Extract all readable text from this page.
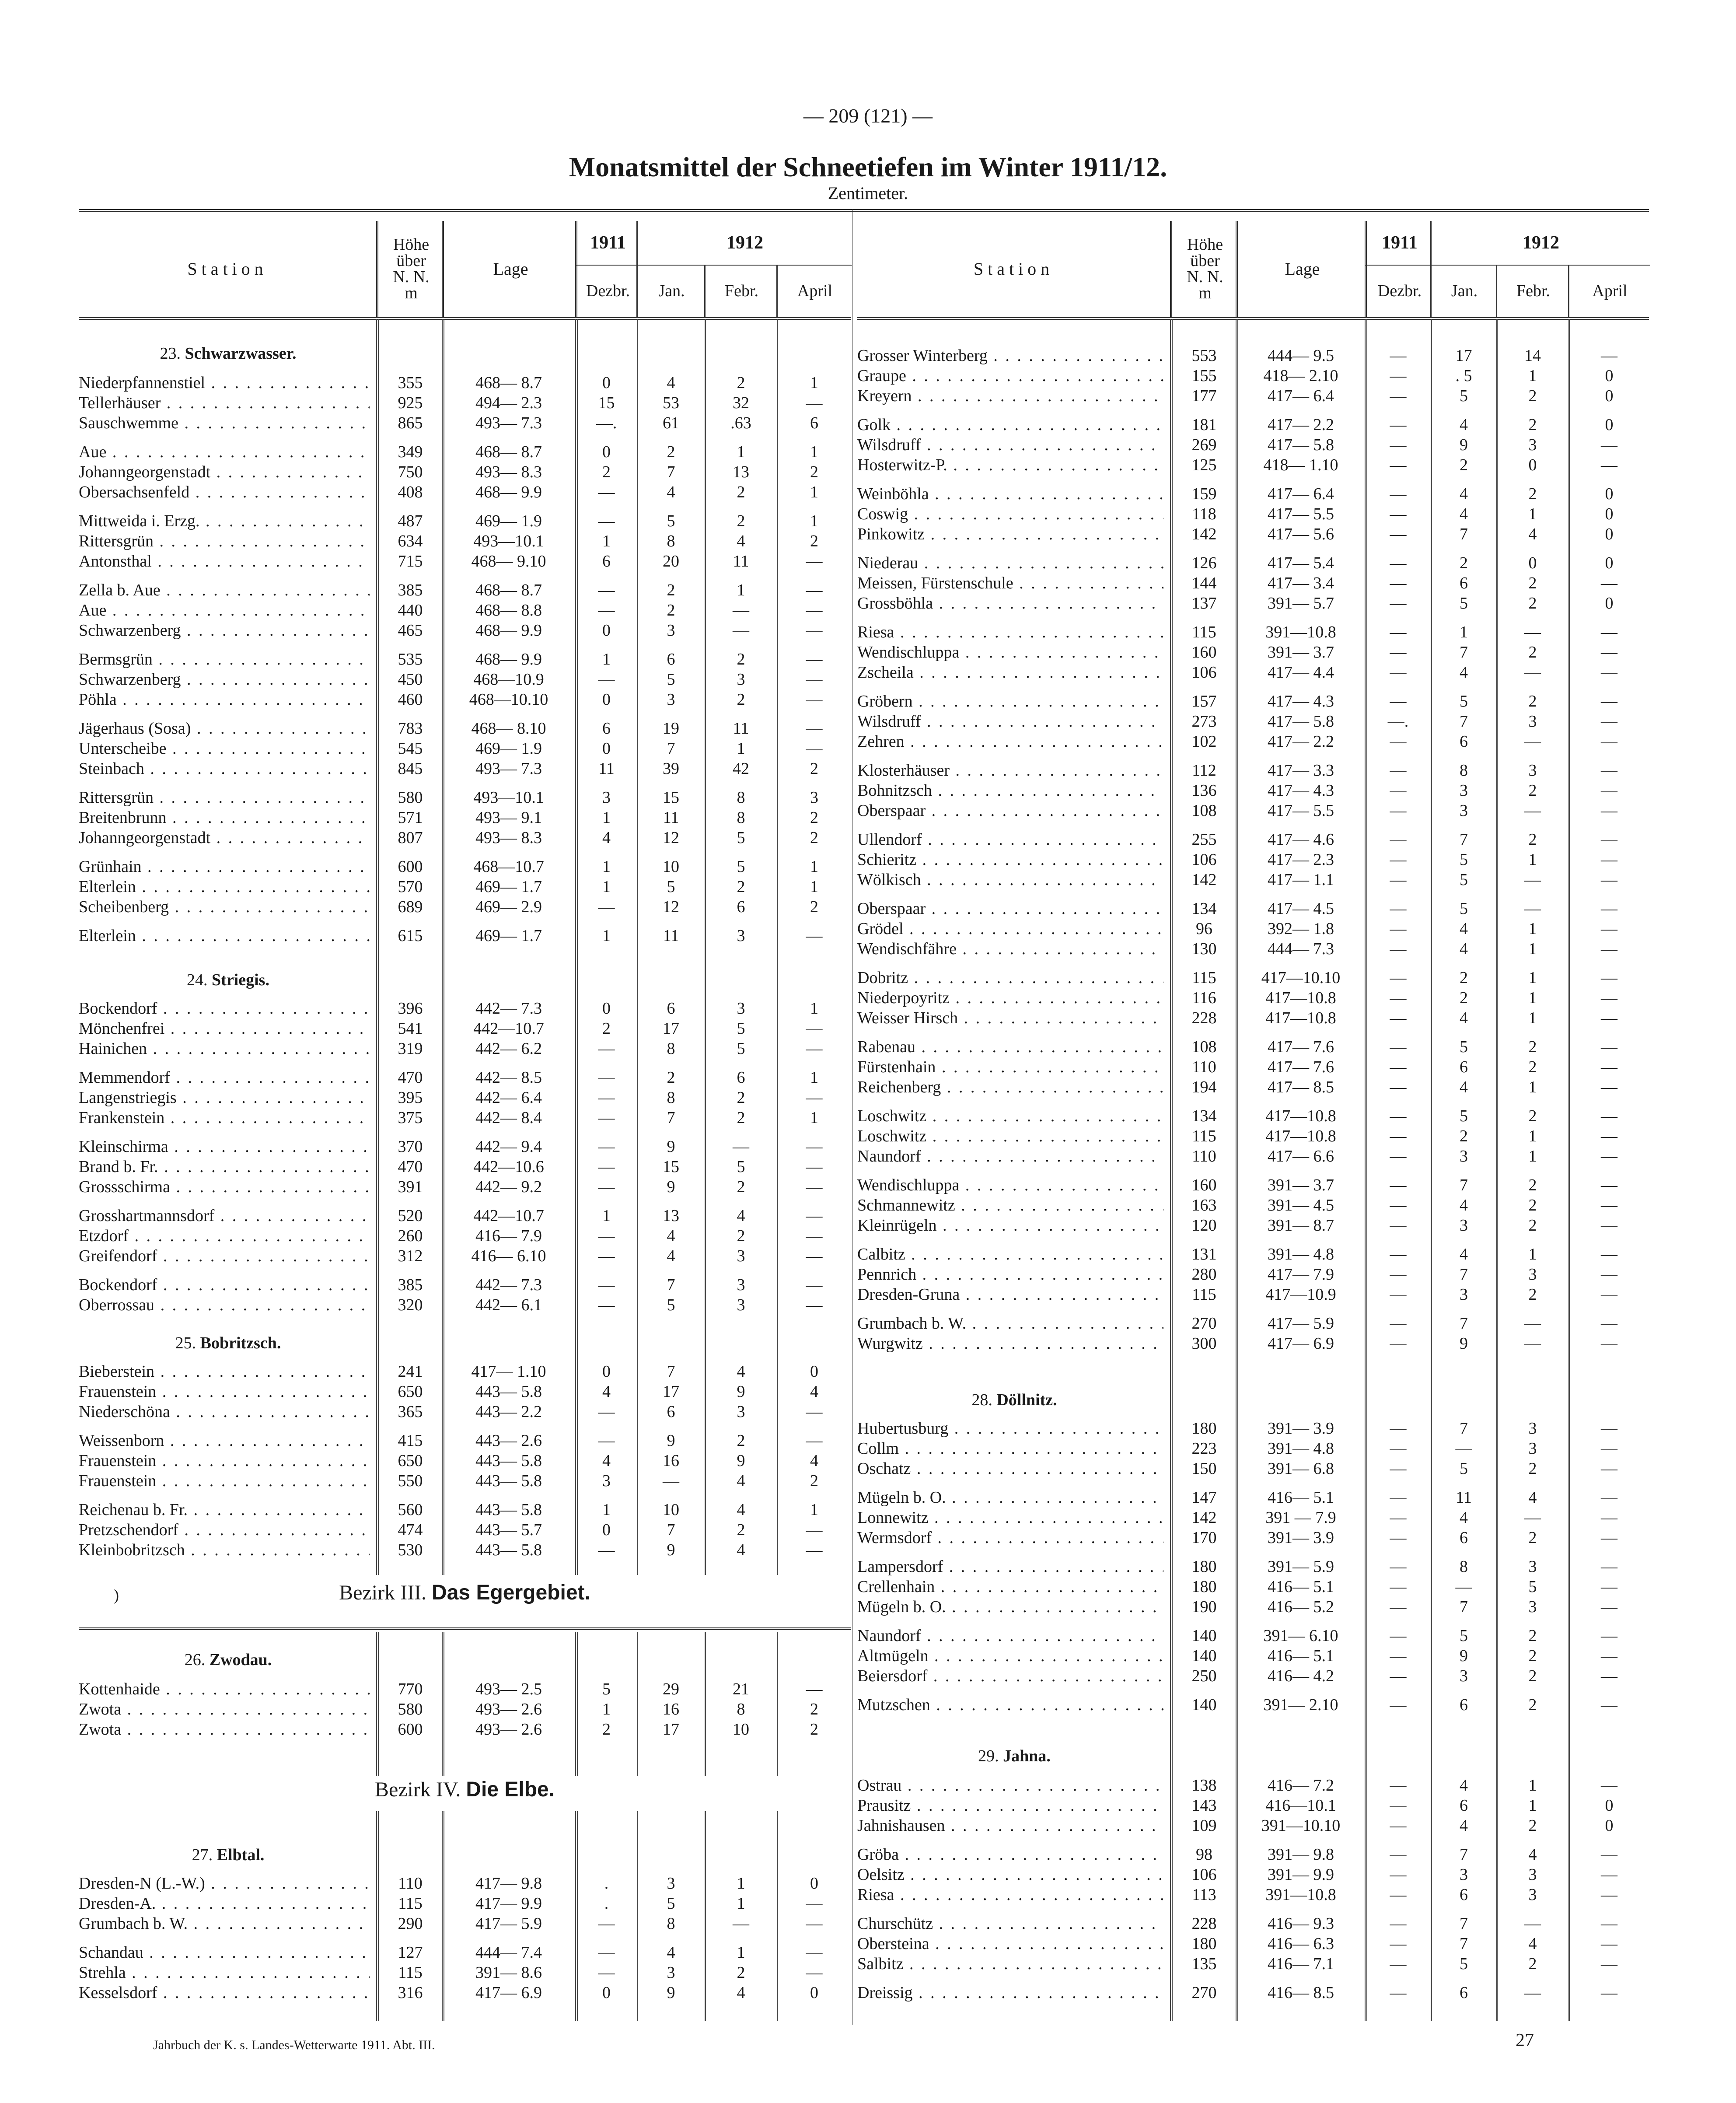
— 209 (121) —
Monatsmittel der Schneetiefen im Winter 1911/12.
Zentimeter.
Station
Höhe
über
N. N.
m
Lage
1911	1912
Dezbr.	Jan.	Febr.	April
Station
Höhe
über
N. N.
m
Lage
1911	1912
Dezbr.	Jan.	Febr.	April
)	Bezirk III. Das Egergebiet.
Bezirk IV. Die Elbe.
23. Schwarzwasser.
Niederpfannenstiel . . .	355	468— 8.7	0	4	2	1
Tellerhäuser . . .	925	494— 2.3	15	53	32	—
Sauschwemme . . .	865	493— 7.3	—.	61	.63	6
Aue . . .	349	468— 8.7	0	2	1	1
Johanngeorgenstadt . . .	750	493— 8.3	2	7	13	2
Obersachsenfeld . . .	408	468— 9.9	—	4	2	1
Mittweida i. Erzg. . . .	487	469— 1.9	—	5	2	1
Rittersgrün . . .	634	493—10.1	1	8	4	2
Antonsthal . . .	715	468— 9.10	6	20	11	—
Zella b. Aue . . .	385	468— 8.7	—	2	1	—
Aue . . .	440	468— 8.8	—	2	—	—
Schwarzenberg . . .	465	468— 9.9	0	3	—	—
Bermsgrün . . .	535	468— 9.9	1	6	2	—
Schwarzenberg . . .	450	468—10.9	—	5	3	—
Pöhla . . .	460	468—10.10	0	3	2	—
Jägerhaus (Sosa) . . .	783	468— 8.10	6	19	11	—
Unterscheibe . . .	545	469— 1.9	0	7	1	—
Steinbach . . .	845	493— 7.3	11	39	42	2
Rittersgrün . . .	580	493—10.1	3	15	8	3
Breitenbrunn . . .	571	493— 9.1	1	11	8	2
Johanngeorgenstadt . . .	807	493— 8.3	4	12	5	2
Grünhain . . .	600	468—10.7	1	10	5	1
Elterlein . . .	570	469— 1.7	1	5	2	1
Scheibenberg . . .	689	469— 2.9	—	12	6	2
Elterlein . . .	615	469— 1.7	1	11	3	—
24. Striegis.
Bockendorf . . .	396	442— 7.3	0	6	3	1
Mönchenfrei . . .	541	442—10.7	2	17	5	—
Hainichen . . .	319	442— 6.2	—	8	5	—
Memmendorf . . .	470	442— 8.5	—	2	6	1
Langenstriegis . . .	395	442— 6.4	—	8	2	—
Frankenstein . . .	375	442— 8.4	—	7	2	1
Kleinschirma . . .	370	442— 9.4	—	9	—	—
Brand b. Fr. . . .	470	442—10.6	—	15	5	—
Grossschirma . . .	391	442— 9.2	—	9	2	—
Grosshartmannsdorf . . .	520	442—10.7	1	13	4	—
Etzdorf . . .	260	416— 7.9	—	4	2	—
Greifendorf . . .	312	416— 6.10	—	4	3	—
Bockendorf . . .	385	442— 7.3	—	7	3	—
Oberrossau . . .	320	442— 6.1	—	5	3	—
25. Bobritzsch.
Bieberstein . . .	241	417— 1.10	0	7	4	0
Frauenstein . . .	650	443— 5.8	4	17	9	4
Niederschöna . . .	365	443— 2.2	—	6	3	—
Weissenborn . . .	415	443— 2.6	—	9	2	—
Frauenstein . . .	650	443— 5.8	4	16	9	4
Frauenstein . . .	550	443— 5.8	3	—	4	2
Reichenau b. Fr. . . .	560	443— 5.8	1	10	4	1
Pretzschendorf . . .	474	443— 5.7	0	7	2	—
Kleinbobritzsch . . .	530	443— 5.8	—	9	4	—
26. Zwodau.
Kottenhaide . . .	770	493— 2.5	5	29	21	—
Zwota . . .	580	493— 2.6	1	16	8	2
Zwota . . .	600	493— 2.6	2	17	10	2
27. Elbtal.
Dresden-N (L.-W.) . . .	110	417— 9.8	.	3	1	0
Dresden-A. . . .	115	417— 9.9	.	5	1	—
Grumbach b. W. . . .	290	417— 5.9	—	8	—	—
Schandau . . .	127	444— 7.4	—	4	1	—
Strehla . . .	115	391— 8.6	—	3	2	—
Kesselsdorf . . .	316	417— 6.9	0	9	4	0
Grosser Winterberg . . .	553	444— 9.5	—	17	14	—
Graupe . . .	155	418— 2.10	—	. 5	1	0
Kreyern . . .	177	417— 6.4	—	5	2	0
Golk . . .	181	417— 2.2	—	4	2	0
Wilsdruff . . .	269	417— 5.8	—	9	3	—
Hosterwitz-P. . . .	125	418— 1.10	—	2	0	—
Weinböhla . . .	159	417— 6.4	—	4	2	0
Coswig . . .	118	417— 5.5	—	4	1	0
Pinkowitz . . .	142	417— 5.6	—	7	4	0
Niederau . . .	126	417— 5.4	—	2	0	0
Meissen, Fürstenschule . . .	144	417— 3.4	—	6	2	—
Grossböhla . . .	137	391— 5.7	—	5	2	0
Riesa . . .	115	391—10.8	—	1	—	—
Wendischluppa . . .	160	391— 3.7	—	7	2	—
Zscheila . . .	106	417— 4.4	—	4	—	—
Gröbern . . .	157	417— 4.3	—	5	2	—
Wilsdruff . . .	273	417— 5.8	—.	7	3	—
Zehren . . .	102	417— 2.2	—	6	—	—
Klosterhäuser . . .	112	417— 3.3	—	8	3	—
Bohnitzsch . . .	136	417— 4.3	—	3	2	—
Oberspaar . . .	108	417— 5.5	—	3	—	—
Ullendorf . . .	255	417— 4.6	—	7	2	—
Schieritz . . .	106	417— 2.3	—	5	1	—
Wölkisch . . .	142	417— 1.1	—	5	—	—
Oberspaar . . .	134	417— 4.5	—	5	—	—
Grödel . . .	96	392— 1.8	—	4	1	—
Wendischfähre . . .	130	444— 7.3	—	4	1	—
Dobritz . . .	115	417—10.10	—	2	1	—
Niederpoyritz . . .	116	417—10.8	—	2	1	—
Weisser Hirsch . . .	228	417—10.8	—	4	1	—
Rabenau . . .	108	417— 7.6	—	5	2	—
Fürstenhain . . .	110	417— 7.6	—	6	2	—
Reichenberg . . .	194	417— 8.5	—	4	1	—
Loschwitz . . .	134	417—10.8	—	5	2	—
Loschwitz . . .	115	417—10.8	—	2	1	—
Naundorf . . .	110	417— 6.6	—	3	1	—
Wendischluppa . . .	160	391— 3.7	—	7	2	—
Schmannewitz . . .	163	391— 4.5	—	4	2	—
Kleinrügeln . . .	120	391— 8.7	—	3	2	—
Calbitz . . .	131	391— 4.8	—	4	1	—
Pennrich . . .	280	417— 7.9	—	7	3	—
Dresden-Gruna . . .	115	417—10.9	—	3	2	—
Grumbach b. W. . . .	270	417— 5.9	—	7	—	—
Wurgwitz . . .	300	417— 6.9	—	9	—	—
28. Döllnitz.
Hubertusburg . . .	180	391— 3.9	—	7	3	—
Collm . . .	223	391— 4.8	—	—	3	—
Oschatz . . .	150	391— 6.8	—	5	2	—
Mügeln b. O. . . .	147	416— 5.1	—	11	4	—
Lonnewitz . . .	142	391 — 7.9	—	4	—	—
Wermsdorf . . .	170	391— 3.9	—	6	2	—
Lampersdorf . . .	180	391— 5.9	—	8	3	—
Crellenhain . . .	180	416— 5.1	—	—	5	—
Mügeln b. O. . . .	190	416— 5.2	—	7	3	—
Naundorf . . .	140	391— 6.10	—	5	2	—
Altmügeln . . .	140	416— 5.1	—	9	2	—
Beiersdorf . . .	250	416— 4.2	—	3	2	—
Mutzschen . . .	140	391— 2.10	—	6	2	—
29. Jahna.
Ostrau . . .	138	416— 7.2	—	4	1	—
Prausitz . . .	143	416—10.1	—	6	1	0
Jahnishausen . . .	109	391—10.10	—	4	2	0
Gröba . . .	98	391— 9.8	—	7	4	—
Oelsitz . . .	106	391— 9.9	—	3	3	—
Riesa . . .	113	391—10.8	—	6	3	—
Churschütz . . .	228	416— 9.3	—	7	—	—
Obersteina . . .	180	416— 6.3	—	7	4	—
Salbitz . . .	135	416— 7.1	—	5	2	—
Dreissig . . .	270	416— 8.5	—	6	—	—
Jahrbuch der K. s. Landes-Wetterwarte 1911. Abt. III.	27
